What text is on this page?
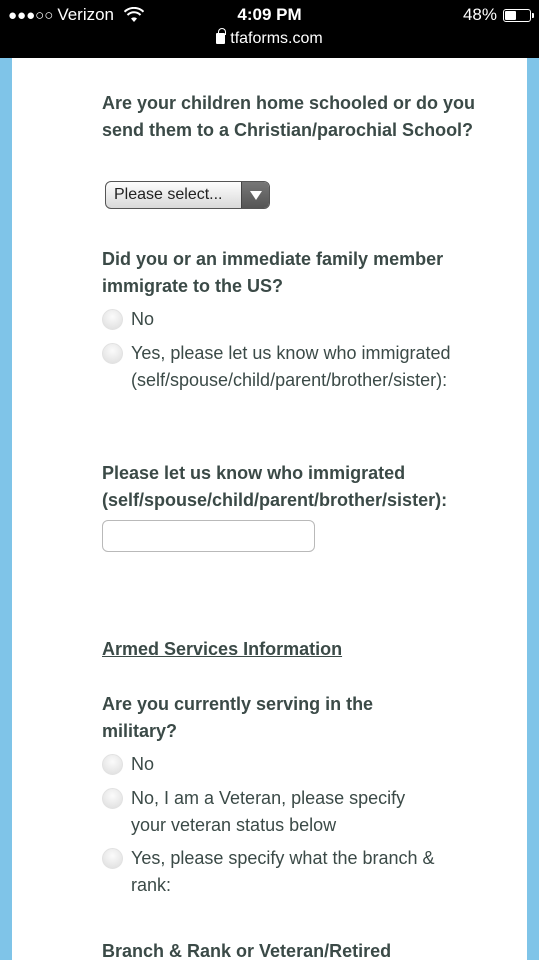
●●●○○ Verizon	4:09 PM	48%
tfaforms.com
Are your children home schooled or do you send them to a Christian/parochial School?
Please select...
Did you or an immediate family member immigrate to the US?
No
Yes, please let us know who immigrated (self/spouse/child/parent/brother/sister):
Please let us know who immigrated (self/spouse/child/parent/brother/sister):
Armed Services Information
Are you currently serving in the military?
No
No, I am a Veteran, please specify your veteran status below
Yes, please specify what the branch & rank:
Branch & Rank or Veteran/Retired
